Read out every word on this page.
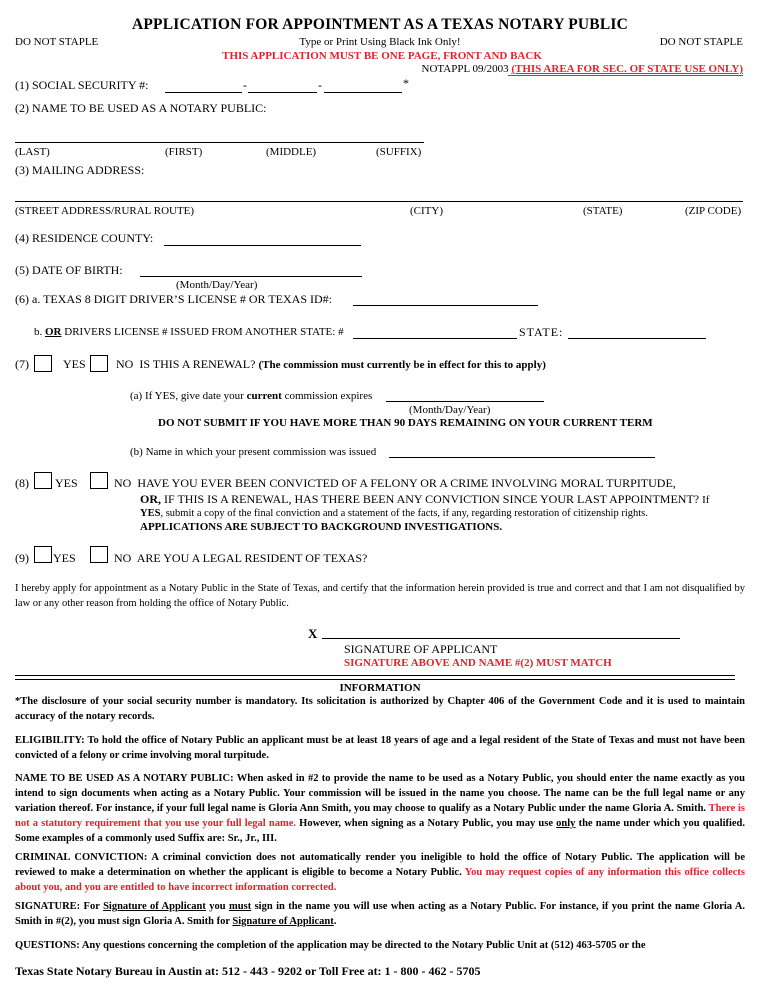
APPLICATION FOR APPOINTMENT AS A TEXAS NOTARY PUBLIC
DO NOT STAPLE	Type or Print Using Black Ink Only!	DO NOT STAPLE
THIS APPLICATION MUST BE ONE PAGE, FRONT AND BACK
NOTAPPL 09/2003 (THIS AREA FOR SEC. OF STATE USE ONLY)
(1) SOCIAL SECURITY #:	-	-	*
(2) NAME TO BE USED AS A NOTARY PUBLIC:
(LAST)	(FIRST)	(MIDDLE)	(SUFFIX)
(3) MAILING ADDRESS:
(STREET ADDRESS/RURAL ROUTE)	(CITY)	(STATE)	(ZIP CODE)
(4) RESIDENCE COUNTY:
(5) DATE OF BIRTH:
(Month/Day/Year)
(6) a. TEXAS 8 DIGIT DRIVER’S LICENSE # OR TEXAS ID#:
b. OR DRIVERS LICENSE # ISSUED FROM ANOTHER STATE: #	STATE:
(7)	YES	NO IS THIS A RENEWAL? (The commission must currently be in effect for this to apply)
(a) If YES, give date your current commission expires
(Month/Day/Year)
DO NOT SUBMIT IF YOU HAVE MORE THAN 90 DAYS REMAINING ON YOUR CURRENT TERM
(b) Name in which your present commission was issued
(8) YES	NO HAVE YOU EVER BEEN CONVICTED OF A FELONY OR A CRIME INVOLVING MORAL TURPITUDE,
OR, IF THIS IS A RENEWAL, HAS THERE BEEN ANY CONVICTION SINCE YOUR LAST APPOINTMENT? If
YES, submit a copy of the final conviction and a statement of the facts, if any, regarding restoration of citizenship rights.
APPLICATIONS ARE SUBJECT TO BACKGROUND INVESTIGATIONS.
(9) YES	NO ARE YOU A LEGAL RESIDENT OF TEXAS?
I hereby apply for appointment as a Notary Public in the State of Texas, and certify that the information herein provided is true and correct and that I am not disqualified by law or any other reason from holding the office of Notary Public.
X
SIGNATURE OF APPLICANT
SIGNATURE ABOVE AND NAME #(2) MUST MATCH
INFORMATION
*The disclosure of your social security number is mandatory. Its solicitation is authorized by Chapter 406 of the Government Code and it is used to maintain accuracy of the notary records.
ELIGIBILITY: To hold the office of Notary Public an applicant must be at least 18 years of age and a legal resident of the State of Texas and must not have been convicted of a felony or crime involving moral turpitude.
NAME TO BE USED AS A NOTARY PUBLIC: When asked in #2 to provide the name to be used as a Notary Public, you should enter the name exactly as you intend to sign documents when acting as a Notary Public. Your commission will be issued in the name you choose. The name can be the full legal name or any variation thereof. For instance, if your full legal name is Gloria Ann Smith, you may choose to qualify as a Notary Public under the name Gloria A. Smith. There is not a statutory requirement that you use your full legal name. However, when signing as a Notary Public, you may use only the name under which you qualified. Some examples of a commonly used Suffix are: Sr., Jr., III.
CRIMINAL CONVICTION: A criminal conviction does not automatically render you ineligible to hold the office of Notary Public. The application will be reviewed to make a determination on whether the applicant is eligible to become a Notary Public. You may request copies of any information this office collects about you, and you are entitled to have incorrect information corrected.
SIGNATURE: For Signature of Applicant you must sign in the name you will use when acting as a Notary Public. For instance, if you print the name Gloria A. Smith in #(2), you must sign Gloria A. Smith for Signature of Applicant.
QUESTIONS: Any questions concerning the completion of the application may be directed to the Notary Public Unit at (512) 463-5705 or the
Texas State Notary Bureau in Austin at: 512 - 443 - 9202 or Toll Free at: 1 - 800 - 462 - 5705
